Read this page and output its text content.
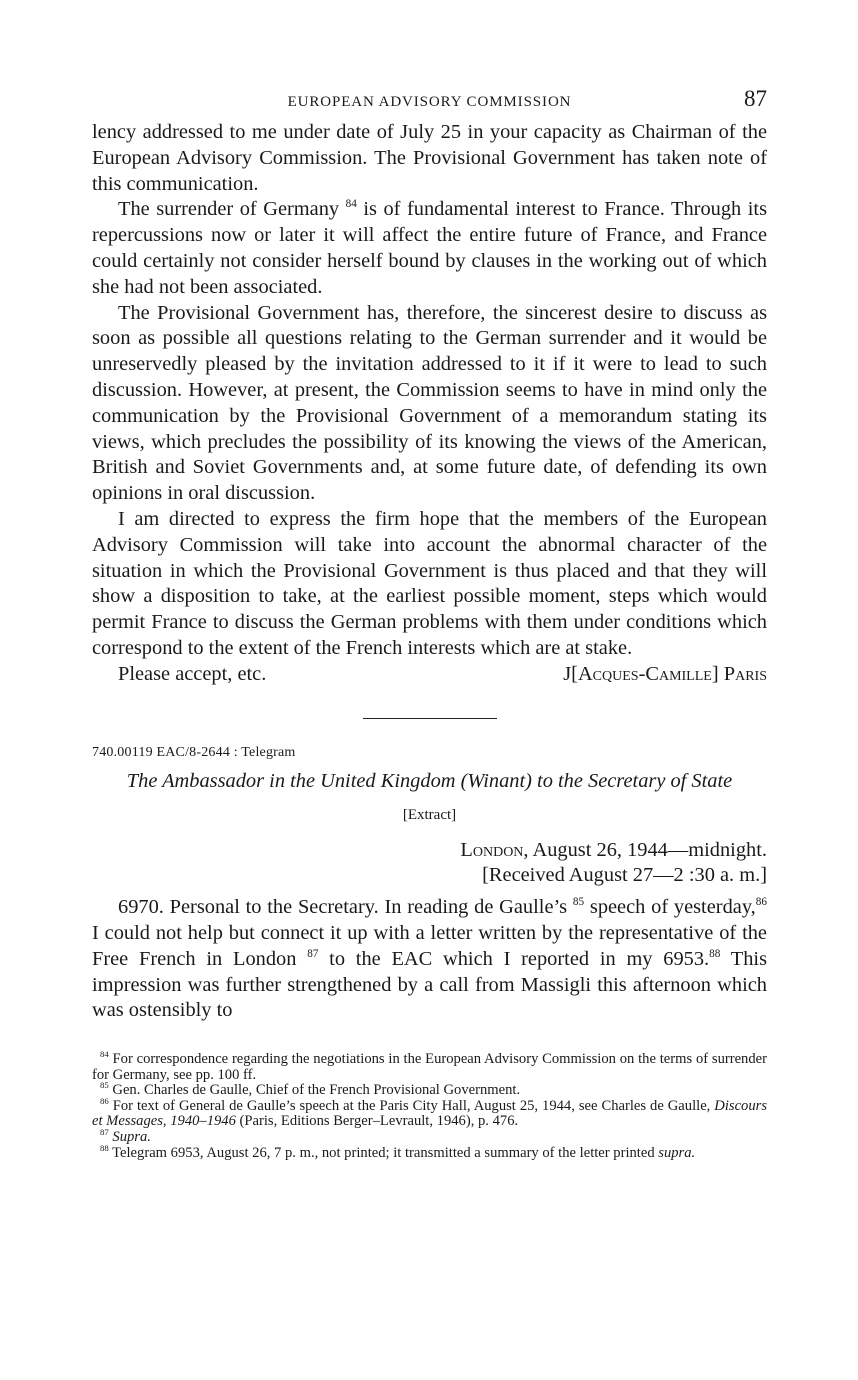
EUROPEAN ADVISORY COMMISSION	87

lency addressed to me under date of July 25 in your capacity as Chairman of the European Advisory Commission. The Provisional Government has taken note of this communication.

The surrender of Germany $^{84}$ is of fundamental interest to France. Through its repercussions now or later it will affect the entire future of France, and France could certainly not consider herself bound by clauses in the working out of which she had not been associated.

The Provisional Government has, therefore, the sincerest desire to discuss as soon as possible all questions relating to the German surrender and it would be unreservedly pleased by the invitation addressed to it if it were to lead to such discussion. However, at present, the Commission seems to have in mind only the communication by the Provisional Government of a memorandum stating its views, which precludes the possibility of its knowing the views of the American, British and Soviet Governments and, at some future date, of defending its own opinions in oral discussion.

I am directed to express the firm hope that the members of the European Advisory Commission will take into account the abnormal character of the situation in which the Provisional Government is thus placed and that they will show a disposition to take, at the earliest possible moment, steps which would permit France to discuss the German problems with them under conditions which correspond to the extent of the French interests which are at stake.

Please accept, etc.	J[Acques-Camille] Paris
740.00119 EAC/8-2644 : Telegram
The Ambassador in the United Kingdom (Winant) to the Secretary of State
[Extract]
London, August 26, 1944—midnight.
[Received August 27—2 :30 a. m.]

6970. Personal to the Secretary. In reading de Gaulle’s $^{85}$ speech of yesterday,$^{86}$ I could not help but connect it up with a letter written by the representative of the Free French in London $^{87}$ to the EAC which I reported in my 6953.88 This impression was further strengthened by a call from Massigli this afternoon which was ostensibly to

$^{84}$ For correspondence regarding the negotiations in the European Advisory Commission on the terms of surrender for Germany, see pp. 100 ff.

$^{85}$ Gen. Charles de Gaulle, Chief of the French Provisional Government.

$^{86}$ For text of General de Gaulle’s speech at the Paris City Hall, August 25, 1944, see Charles de Gaulle, Discours et Messages, 1940–1946 (Paris, Editions Berger–Levrault, 1946), p. 476.

$^{87}$ Supra.

$^{88}$ Telegram 6953, August 26, 7 p. m., not printed; it transmitted a summary of the letter printed supra.
